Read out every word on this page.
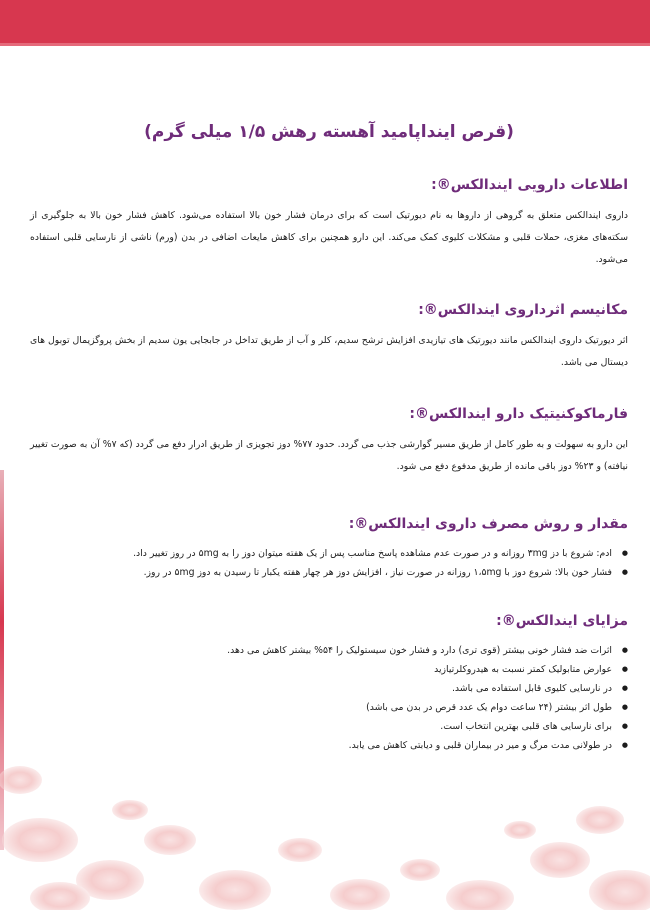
(قرص اینداپامید آهسته رهش ۱/۵ میلی گرم)
اطلاعات دارویی ایندالکس®:

داروی ایندالکس متعلق به گروهی از داروها به نام دیورتیک است که برای درمان فشار خون بالا استفاده می‌شود. کاهش فشار خون بالا به جلوگیری از سکته‌های مغزی، حملات قلبی و مشکلات کلیوی کمک می‌کند. این دارو همچنین برای کاهش مایعات اضافی در بدن (ورم) ناشی از نارسایی قلبی استفاده می‌شود.

مکانیسم اثرداروی ایندالکس®:

اثر دیورتیک داروی ایندالکس مانند دیورتیک های تیازیدی افزایش ترشح سدیم، کلر و آب از طریق تداخل در جابجایی یون سدیم از بخش پروگزیمال توبول های دیستال می باشد.

فارماکوکنیتیک دارو ایندالکس®:

این دارو به سهولت و به طور کامل از طریق مسیر گوارشی جذب می گردد. حدود ۷۷% دوز تجویزی از طریق ادرار دفع می گردد (که ۷% آن به صورت تغییر نیافته) و ۲۳% دوز باقی مانده از طریق مدفوع دفع می شود.

مقدار و روش مصرف داروی ایندالکس®:
● ادم: شروع با دز ۳mg روزانه و در صورت عدم مشاهده پاسخ مناسب پس از یک هفته میتوان دوز را به ۵mg در روز تغییر داد.
● فشار خون بالا: شروع دوز با ۱،۵mg روزانه در صورت نیاز ، افزایش دوز هر چهار هفته یکبار تا رسیدن به دوز ۵mg در روز.
مزایای ایندالکس®:
● اثرات ضد فشار خونی بیشتر (قوی تری) دارد و فشار خون سیستولیک را ۵۴% بیشتر کاهش می دهد.
● عوارض متابولیک کمتر نسبت به هیدروکلرتیازید
● در نارسایی کلیوی قابل استفاده می باشد.
● طول اثر بیشتر (۲۴ ساعت دوام یک عدد قرص در بدن می باشد)
● برای نارسایی های قلبی بهترین انتخاب است.
● در طولانی مدت مرگ و میر در بیماران قلبی و دیابتی کاهش می یابد.
